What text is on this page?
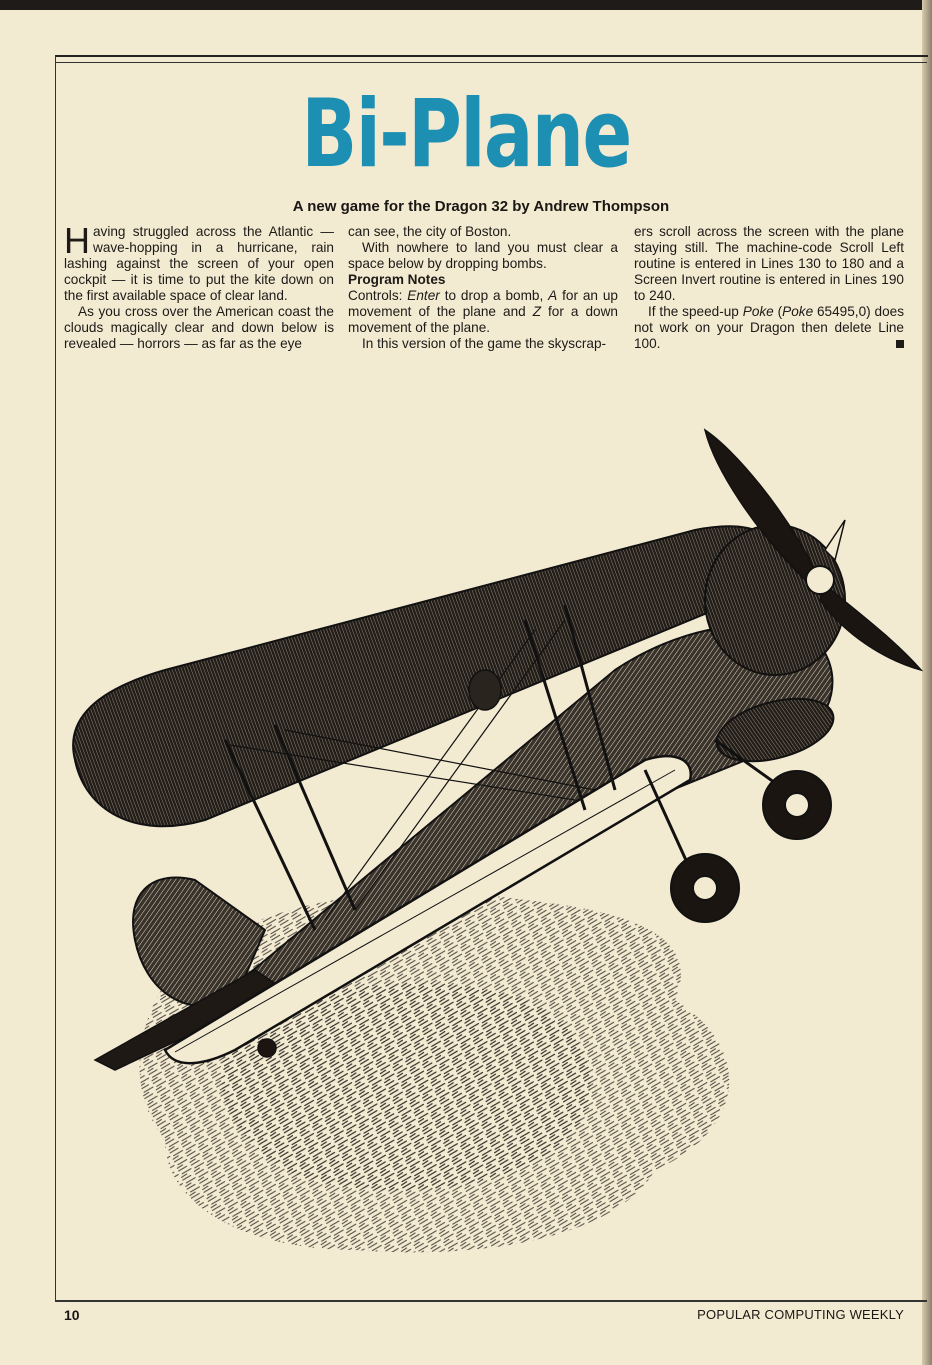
Bi-Plane
A new game for the Dragon 32 by Andrew Thompson

Having struggled across the Atlantic — wave-hopping in a hurricane, rain lashing against the screen of your open cockpit — it is time to put the kite down on the first available space of clear land.

As you cross over the American coast the clouds magically clear and down below is revealed — horrors — as far as the eye

can see, the city of Boston.

With nowhere to land you must clear a space below by dropping bombs.

Program Notes

Controls: Enter to drop a bomb, A for an up movement of the plane and Z for a down movement of the plane.

In this version of the game the skyscrap-

ers scroll across the screen with the plane staying still. The machine-code Scroll Left routine is entered in Lines 130 to 180 and a Screen Invert routine is entered in Lines 190 to 240.

If the speed-up Poke (Poke 65495,0) does not work on your Dragon then delete Line 100.

10	POPULAR COMPUTING WEEKLY
